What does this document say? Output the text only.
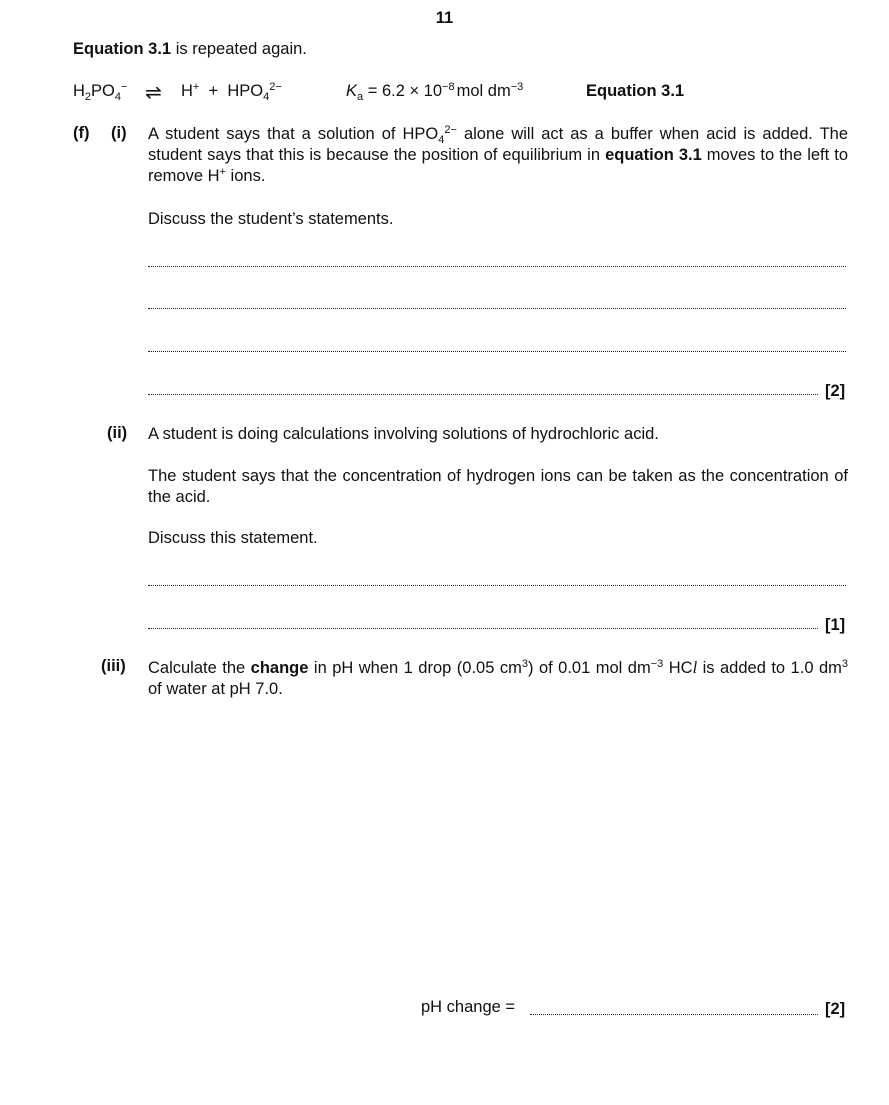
11
Equation 3.1 is repeated again.
$H_2PO_4^-$ ⇌ $H^+ + HPO_4^{2-}$	$K_a = 6.2 \times 10^{-8}$ mol $dm^{-3}$	Equation 3.1
(f) (i) A student says that a solution of $HPO_4^{2-}$ alone will act as a buffer when acid is added. The student says that this is because the position of equilibrium in equation 3.1 moves to the left to remove H+ ions.
Discuss the student’s statements.
[2]
(ii) A student is doing calculations involving solutions of hydrochloric acid.
The student says that the concentration of hydrogen ions can be taken as the concentration of the acid.
Discuss this statement.
[1]
(iii) Calculate the change in pH when 1 drop (0.05 $cm^3$) of 0.01 mol $dm^{-3}$ HCl is added to 1.0 $dm^3$ of water at pH 7.0.
pH change =	[2]
